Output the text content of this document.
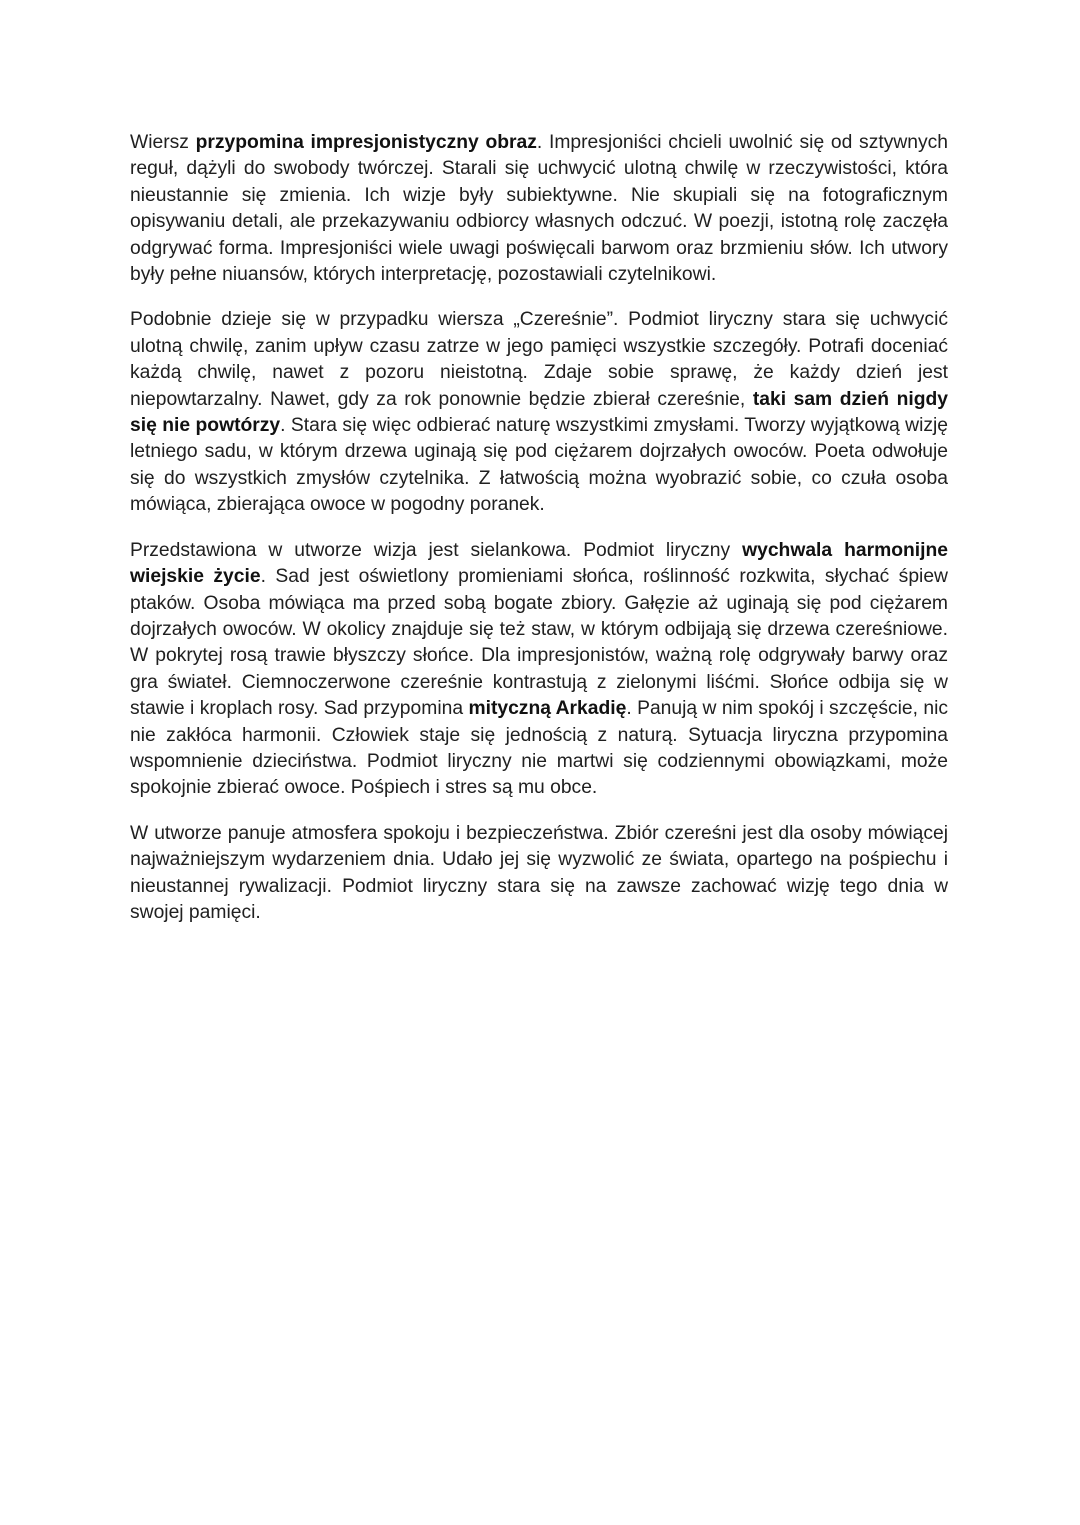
Wiersz przypomina impresjonistyczny obraz. Impresjoniści chcieli uwolnić się od sztywnych reguł, dążyli do swobody twórczej. Starali się uchwycić ulotną chwilę w rzeczywistości, która nieustannie się zmienia. Ich wizje były subiektywne. Nie skupiali się na fotograficznym opisywaniu detali, ale przekazywaniu odbiorcy własnych odczuć. W poezji, istotną rolę zaczęła odgrywać forma. Impresjoniści wiele uwagi poświęcali barwom oraz brzmieniu słów. Ich utwory były pełne niuansów, których interpretację, pozostawiali czytelnikowi.

Podobnie dzieje się w przypadku wiersza „Czereśnie”. Podmiot liryczny stara się uchwycić ulotną chwilę, zanim upływ czasu zatrze w jego pamięci wszystkie szczegóły. Potrafi doceniać każdą chwilę, nawet z pozoru nieistotną. Zdaje sobie sprawę, że każdy dzień jest niepowtarzalny. Nawet, gdy za rok ponownie będzie zbierał czereśnie, taki sam dzień nigdy się nie powtórzy. Stara się więc odbierać naturę wszystkimi zmysłami. Tworzy wyjątkową wizję letniego sadu, w którym drzewa uginają się pod ciężarem dojrzałych owoców. Poeta odwołuje się do wszystkich zmysłów czytelnika. Z łatwością można wyobrazić sobie, co czuła osoba mówiąca, zbierająca owoce w pogodny poranek.

Przedstawiona w utworze wizja jest sielankowa. Podmiot liryczny wychwala harmonijne wiejskie życie. Sad jest oświetlony promieniami słońca, roślinność rozkwita, słychać śpiew ptaków. Osoba mówiąca ma przed sobą bogate zbiory. Gałęzie aż uginają się pod ciężarem dojrzałych owoców. W okolicy znajduje się też staw, w którym odbijają się drzewa czereśniowe. W pokrytej rosą trawie błyszczy słońce. Dla impresjonistów, ważną rolę odgrywały barwy oraz gra świateł. Ciemnoczerwone czereśnie kontrastują z zielonymi liśćmi. Słońce odbija się w stawie i kroplach rosy. Sad przypomina mityczną Arkadię. Panują w nim spokój i szczęście, nic nie zakłóca harmonii. Człowiek staje się jednością z naturą. Sytuacja liryczna przypomina wspomnienie dzieciństwa. Podmiot liryczny nie martwi się codziennymi obowiązkami, może spokojnie zbierać owoce. Pośpiech i stres są mu obce.

W utworze panuje atmosfera spokoju i bezpieczeństwa. Zbiór czereśni jest dla osoby mówiącej najważniejszym wydarzeniem dnia. Udało jej się wyzwolić ze świata, opartego na pośpiechu i nieustannej rywalizacji. Podmiot liryczny stara się na zawsze zachować wizję tego dnia w swojej pamięci.
